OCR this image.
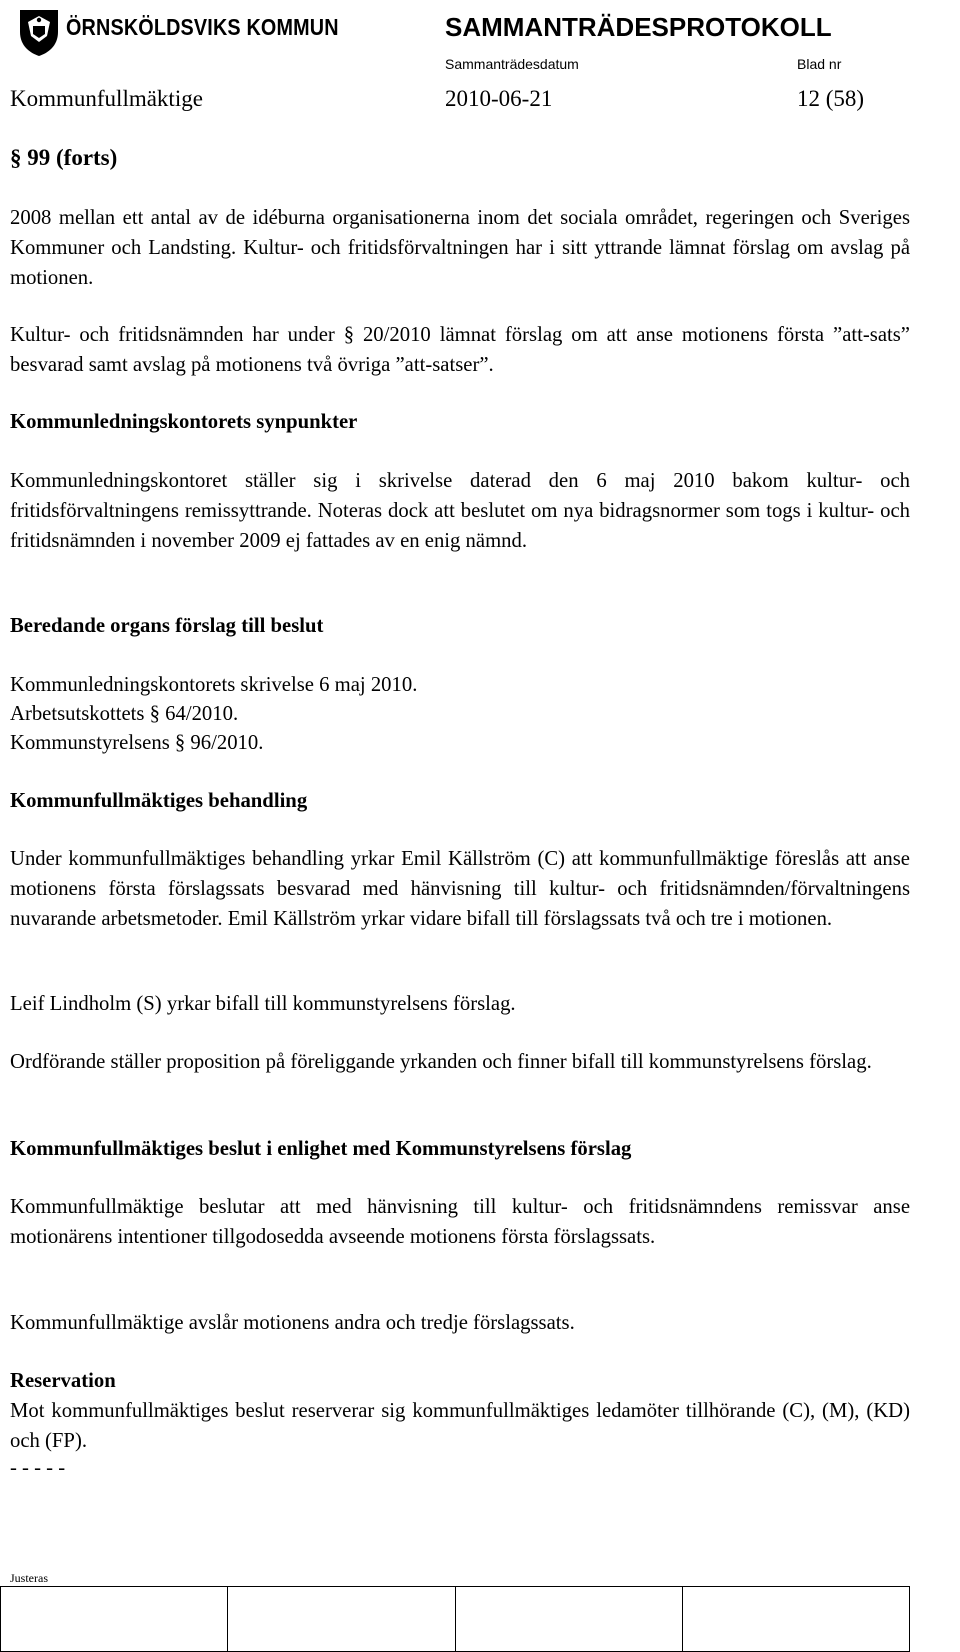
ÖRNSKÖLDSVIKS KOMMUN	SAMMANTRÄDESPROTOKOLL
Sammanträdesdatum	Blad nr
Kommunfullmäktige	2010-06-21	12 (58)
§ 99 (forts)

2008 mellan ett antal av de idéburna organisationerna inom det sociala området, regeringen och Sveriges Kommuner och Landsting. Kultur- och fritidsförvaltningen har i sitt yttrande lämnat förslag om avslag på motionen.

Kultur- och fritidsnämnden har under § 20/2010 lämnat förslag om att anse motionens första ”att-sats” besvarad samt avslag på motionens två övriga ”att-satser”.

Kommunledningskontorets synpunkter

Kommunledningskontoret ställer sig i skrivelse daterad den 6 maj 2010 bakom kultur- och fritidsförvaltningens remissyttrande. Noteras dock att beslutet om nya bidragsnormer som togs i kultur- och fritidsnämnden i november 2009 ej fattades av en enig nämnd.

Beredande organs förslag till beslut
Kommunledningskontorets skrivelse 6 maj 2010.
Arbetsutskottets § 64/2010.
Kommunstyrelsens § 96/2010.
Kommunfullmäktiges behandling

Under kommunfullmäktiges behandling yrkar Emil Källström (C) att kommunfullmäktige föreslås att anse motionens första förslagssats besvarad med hänvisning till kultur- och fritidsnämnden/förvaltningens nuvarande arbetsmetoder. Emil Källström yrkar vidare bifall till förslagssats två och tre i motionen.

Leif Lindholm (S) yrkar bifall till kommunstyrelsens förslag.

Ordförande ställer proposition på föreliggande yrkanden och finner bifall till kommunstyrelsens förslag.

Kommunfullmäktiges beslut i enlighet med Kommunstyrelsens förslag

Kommunfullmäktige beslutar att med hänvisning till kultur- och fritidsnämndens remissvar anse motionärens intentioner tillgodosedda avseende motionens första förslagssats.

Kommunfullmäktige avslår motionens andra och tredje förslagssats.

Reservation

Mot kommunfullmäktiges beslut reserverar sig kommunfullmäktiges ledamöter tillhörande (C), (M), (KD) och (FP).

- - - - -
Justeras
